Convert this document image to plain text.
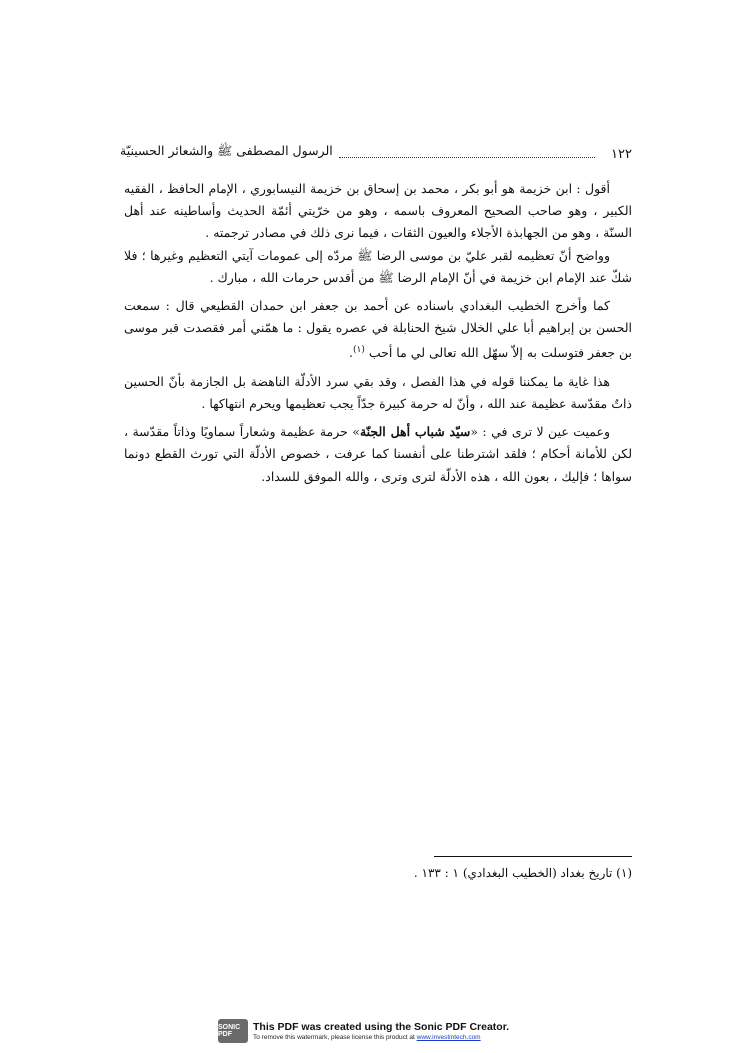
١٢٢
الرسول المصطفى ﷺ والشعائر الحسينيّة

أقول : ابن خزيمة هو أبو بكر ، محمد بن إسحاق بن خزيمة النيسابوري ، الإمام الحافظ ، الفقيه الكبير ، وهو صاحب الصحيح المعروف باسمه ، وهو من خرّيتي أئمّة الحديث وأساطينه عند أهل السنّة ، وهو من الجهابذة الأجلاء والعيون الثقات ، فيما نرى ذلك في مصادر ترجمته .

وواضح أنّ تعظيمه لقبر عليّ بن موسى الرضا ﷺ مردّه إلى عمومات آيتي التعظيم وغيرها ؛ فلا شكّ عند الإمام ابن خزيمة في أنّ الإمام الرضا ﷺ من أقدس حرمات الله ، مبارك .

كما وأخرج الخطيب البغدادي باسناده عن أحمد بن جعفر ابن حمدان القطيعي قال : سمعت الحسن بن إبراهيم أبا علي الخلال شيخ الحنابلة في عصره يقول : ما همّني أمر فقصدت قبر موسى بن جعفر فتوسلت به إلاّ سهّل الله تعالى لي ما أحب $^{(١)}$.

هذا غاية ما يمكننا قوله في هذا الفصل ، وقد بقي سرد الأدلّة الناهضة بل الجازمة بأنّ الحسين ذاتٌ مقدّسة عظيمة عند الله ، وأنّ له حرمة كبيرة جدّاً يجب تعظيمها ويحرم انتهاكها .

وعميت عين لا ترى في : «سيّد شباب أهل الجنّة» حرمة عظيمة وشعاراً سماويًا وذاتاً مقدّسة ، لكن للأمانة أحكام ؛ فلقد اشترطنا على أنفسنا كما عرفت ، خصوص الأدلّة التي تورث القطع دونما سواها ؛ فإليك ، بعون الله ، هذه الأدلّة لترى وترى ، والله الموفق للسداد.

(١) تاريخ بغداد (الخطيب البغدادي) ١ : ١٣٣ .
SONIC PDF
This PDF was created using the Sonic PDF Creator.
To remove this watermark, please license this product at www.investintech.com
